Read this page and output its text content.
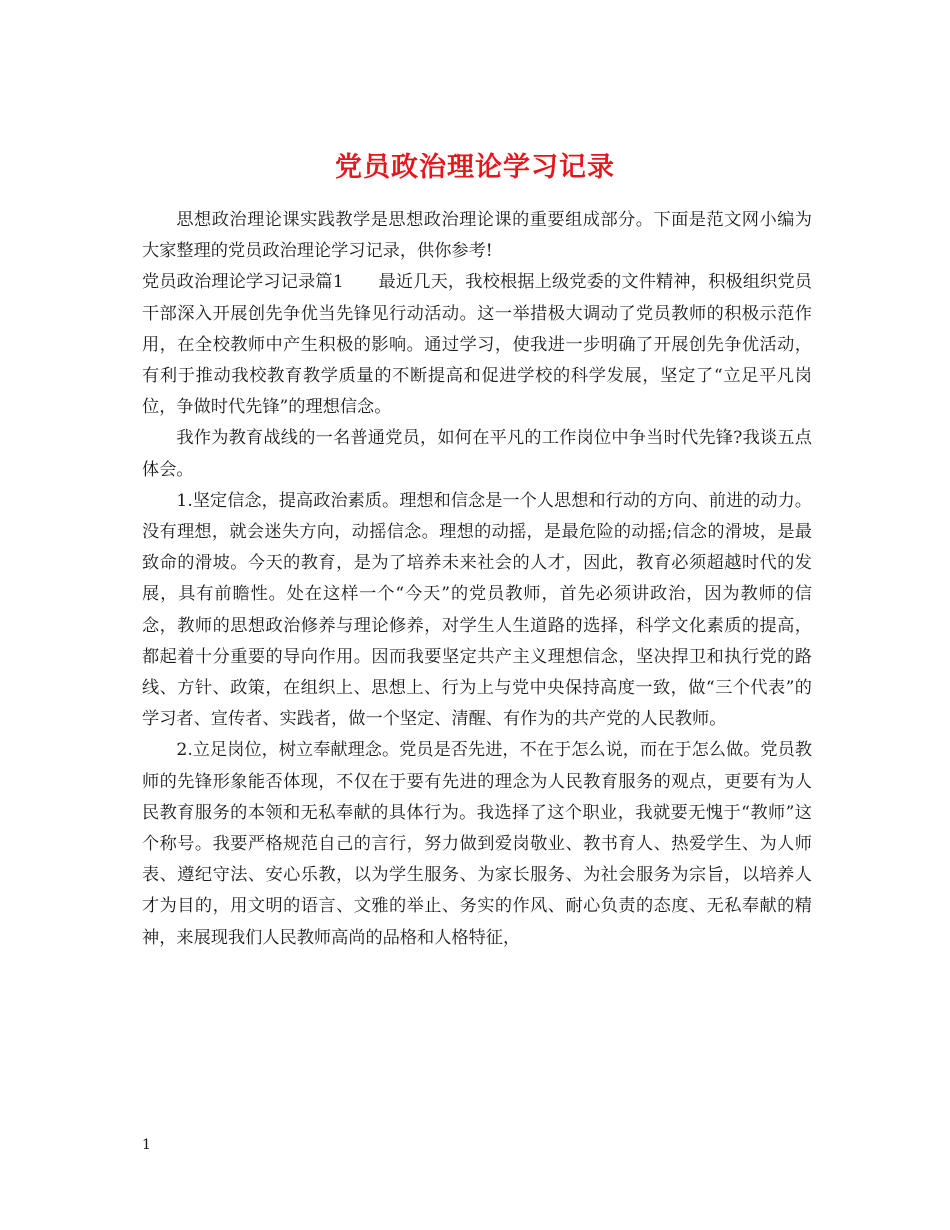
党员政治理论学习记录

思想政治理论课实践教学是思想政治理论课的重要组成部分。下面是范文网小编为大家整理的党员政治理论学习记录，供你参考!

党员政治理论学习记录篇1　　最近几天，我校根据上级党委的文件精神，积极组织党员干部深入开展创先争优当先锋见行动活动。这一举措极大调动了党员教师的积极示范作用，在全校教师中产生积极的影响。通过学习，使我进一步明确了开展创先争优活动，有利于推动我校教育教学质量的不断提高和促进学校的科学发展，坚定了“立足平凡岗位，争做时代先锋”的理想信念。

我作为教育战线的一名普通党员，如何在平凡的工作岗位中争当时代先锋?我谈五点体会。

1.坚定信念，提高政治素质。理想和信念是一个人思想和行动的方向、前进的动力。没有理想，就会迷失方向，动摇信念。理想的动摇，是最危险的动摇;信念的滑坡，是最致命的滑坡。今天的教育，是为了培养未来社会的人才，因此，教育必须超越时代的发展，具有前瞻性。处在这样一个“今天”的党员教师，首先必须讲政治，因为教师的信念，教师的思想政治修养与理论修养，对学生人生道路的选择，科学文化素质的提高，都起着十分重要的导向作用。因而我要坚定共产主义理想信念，坚决捍卫和执行党的路线、方针、政策，在组织上、思想上、行为上与党中央保持高度一致，做“三个代表”的学习者、宣传者、实践者，做一个坚定、清醒、有作为的共产党的人民教师。

2.立足岗位，树立奉献理念。党员是否先进，不在于怎么说，而在于怎么做。党员教师的先锋形象能否体现，不仅在于要有先进的理念为人民教育服务的观点，更要有为人民教育服务的本领和无私奉献的具体行为。我选择了这个职业，我就要无愧于“教师”这个称号。我要严格规范自己的言行，努力做到爱岗敬业、教书育人、热爱学生、为人师表、遵纪守法、安心乐教，以为学生服务、为家长服务、为社会服务为宗旨，以培养人才为目的，用文明的语言、文雅的举止、务实的作风、耐心负责的态度、无私奉献的精神，来展现我们人民教师高尚的品格和人格特征，

1
